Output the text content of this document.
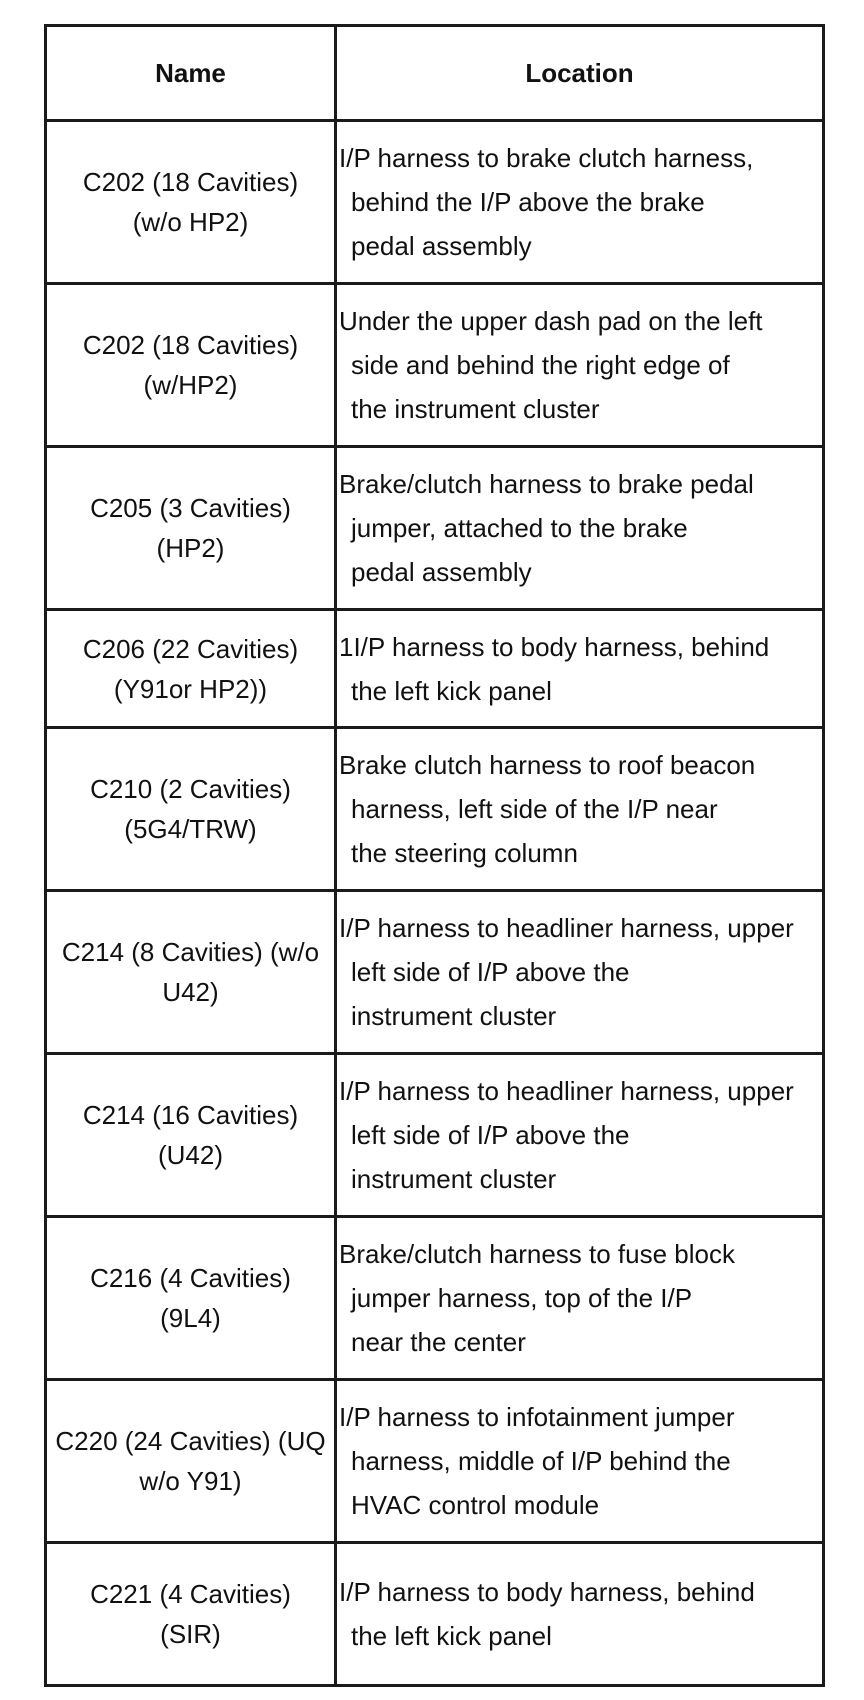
Name	Location

C202 (18 Cavities)
(w/o HP2)	I/P harness to brake clutch harness,
behind the I/P above the brake
pedal assembly

C202 (18 Cavities)
(w/HP2)	Under the upper dash pad on the left
side and behind the right edge of
the instrument cluster

C205 (3 Cavities)
(HP2)	Brake/clutch harness to brake pedal
jumper, attached to the brake
pedal assembly

C206 (22 Cavities)
(Y91or HP2))	1I/P harness to body harness, behind
the left kick panel

C210 (2 Cavities)
(5G4/TRW)	Brake clutch harness to roof beacon
harness, left side of the I/P near
the steering column

C214 (8 Cavities) (w/o
U42)	I/P harness to headliner harness, upper
left side of I/P above the
instrument cluster

C214 (16 Cavities)
(U42)	I/P harness to headliner harness, upper
left side of I/P above the
instrument cluster

C216 (4 Cavities)
(9L4)	Brake/clutch harness to fuse block
jumper harness, top of the I/P
near the center

C220 (24 Cavities) (UQ
w/o Y91)	I/P harness to infotainment jumper
harness, middle of I/P behind the
HVAC control module

C221 (4 Cavities)
(SIR)	I/P harness to body harness, behind
the left kick panel
